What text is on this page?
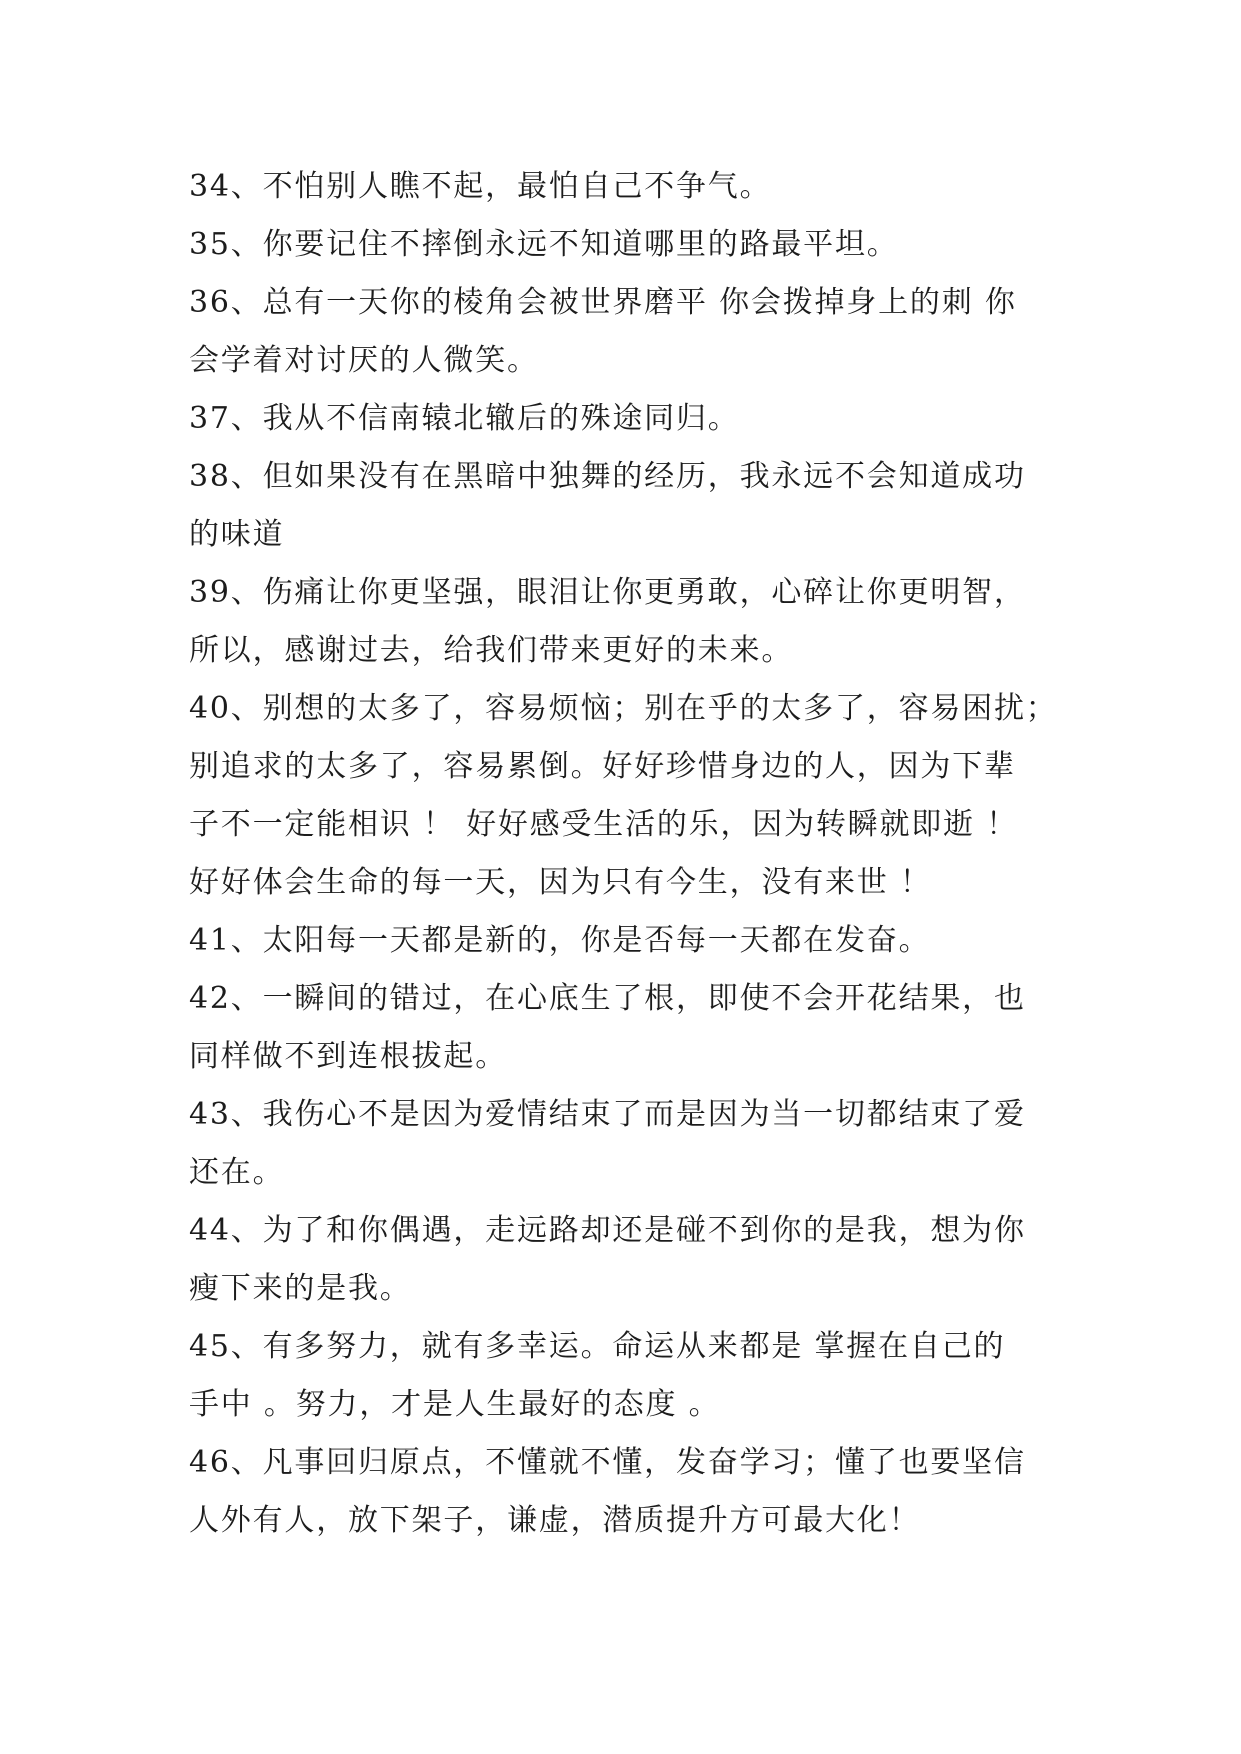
34、不怕别人瞧不起，最怕自己不争气。
35、你要记住不摔倒永远不知道哪里的路最平坦。
36、总有一天你的棱角会被世界磨平 你会拨掉身上的刺 你
会学着对讨厌的人微笑。
37、我从不信南辕北辙后的殊途同归。
38、但如果没有在黑暗中独舞的经历，我永远不会知道成功
的味道
39、伤痛让你更坚强，眼泪让你更勇敢，心碎让你更明智，
所以，感谢过去，给我们带来更好的未来。
40、别想的太多了，容易烦恼；别在乎的太多了，容易困扰；
别追求的太多了，容易累倒。好好珍惜身边的人，因为下辈
子不一定能相识 ！ 好好感受生活的乐，因为转瞬就即逝 ！
好好体会生命的每一天，因为只有今生，没有来世 ！
41、太阳每一天都是新的，你是否每一天都在发奋。
42、一瞬间的错过，在心底生了根，即使不会开花结果，也
同样做不到连根拔起。
43、我伤心不是因为爱情结束了而是因为当一切都结束了爱
还在。
44、为了和你偶遇，走远路却还是碰不到你的是我，想为你
瘦下来的是我。
45、有多努力，就有多幸运。命运从来都是 掌握在自己的
手中 。努力，才是人生最好的态度 。
46、凡事回归原点，不懂就不懂，发奋学习；懂了也要坚信
人外有人，放下架子，谦虚，潜质提升方可最大化！
